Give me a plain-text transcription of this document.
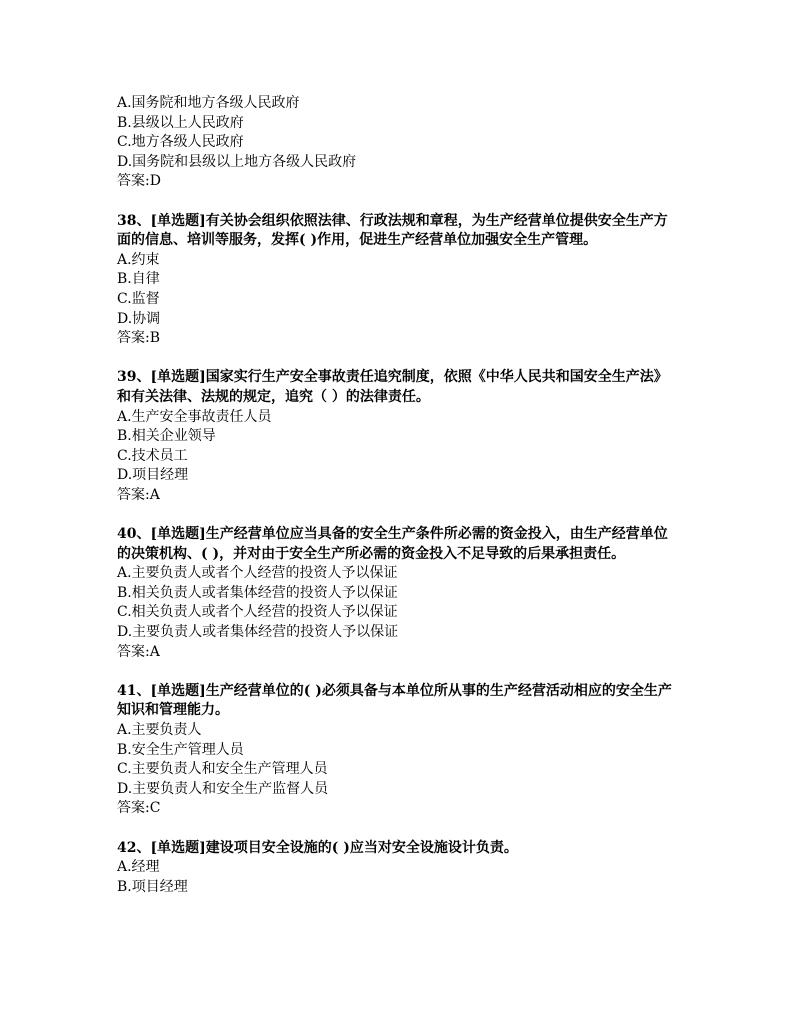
A.国务院和地方各级人民政府
B.县级以上人民政府
C.地方各级人民政府
D.国务院和县级以上地方各级人民政府
答案:D
38、[单选题]有关协会组织依照法律、行政法规和章程，为生产经营单位提供安全生产方面的信息、培训等服务，发挥( )作用，促进生产经营单位加强安全生产管理。
A.约束
B.自律
C.监督
D.协调
答案:B
39、[单选题]国家实行生产安全事故责任追究制度，依照《中华人民共和国安全生产法》和有关法律、法规的规定，追究（ ）的法律责任。
A.生产安全事故责任人员
B.相关企业领导
C.技术员工
D.项目经理
答案:A
40、[单选题]生产经营单位应当具备的安全生产条件所必需的资金投入，由生产经营单位的决策机构、( )，并对由于安全生产所必需的资金投入不足导致的后果承担责任。
A.主要负责人或者个人经营的投资人予以保证
B.相关负责人或者集体经营的投资人予以保证
C.相关负责人或者个人经营的投资人予以保证
D.主要负责人或者集体经营的投资人予以保证
答案:A
41、[单选题]生产经营单位的( )必须具备与本单位所从事的生产经营活动相应的安全生产知识和管理能力。
A.主要负责人
B.安全生产管理人员
C.主要负责人和安全生产管理人员
D.主要负责人和安全生产监督人员
答案:C
42、[单选题]建设项目安全设施的( )应当对安全设施设计负责。
A.经理
B.项目经理
